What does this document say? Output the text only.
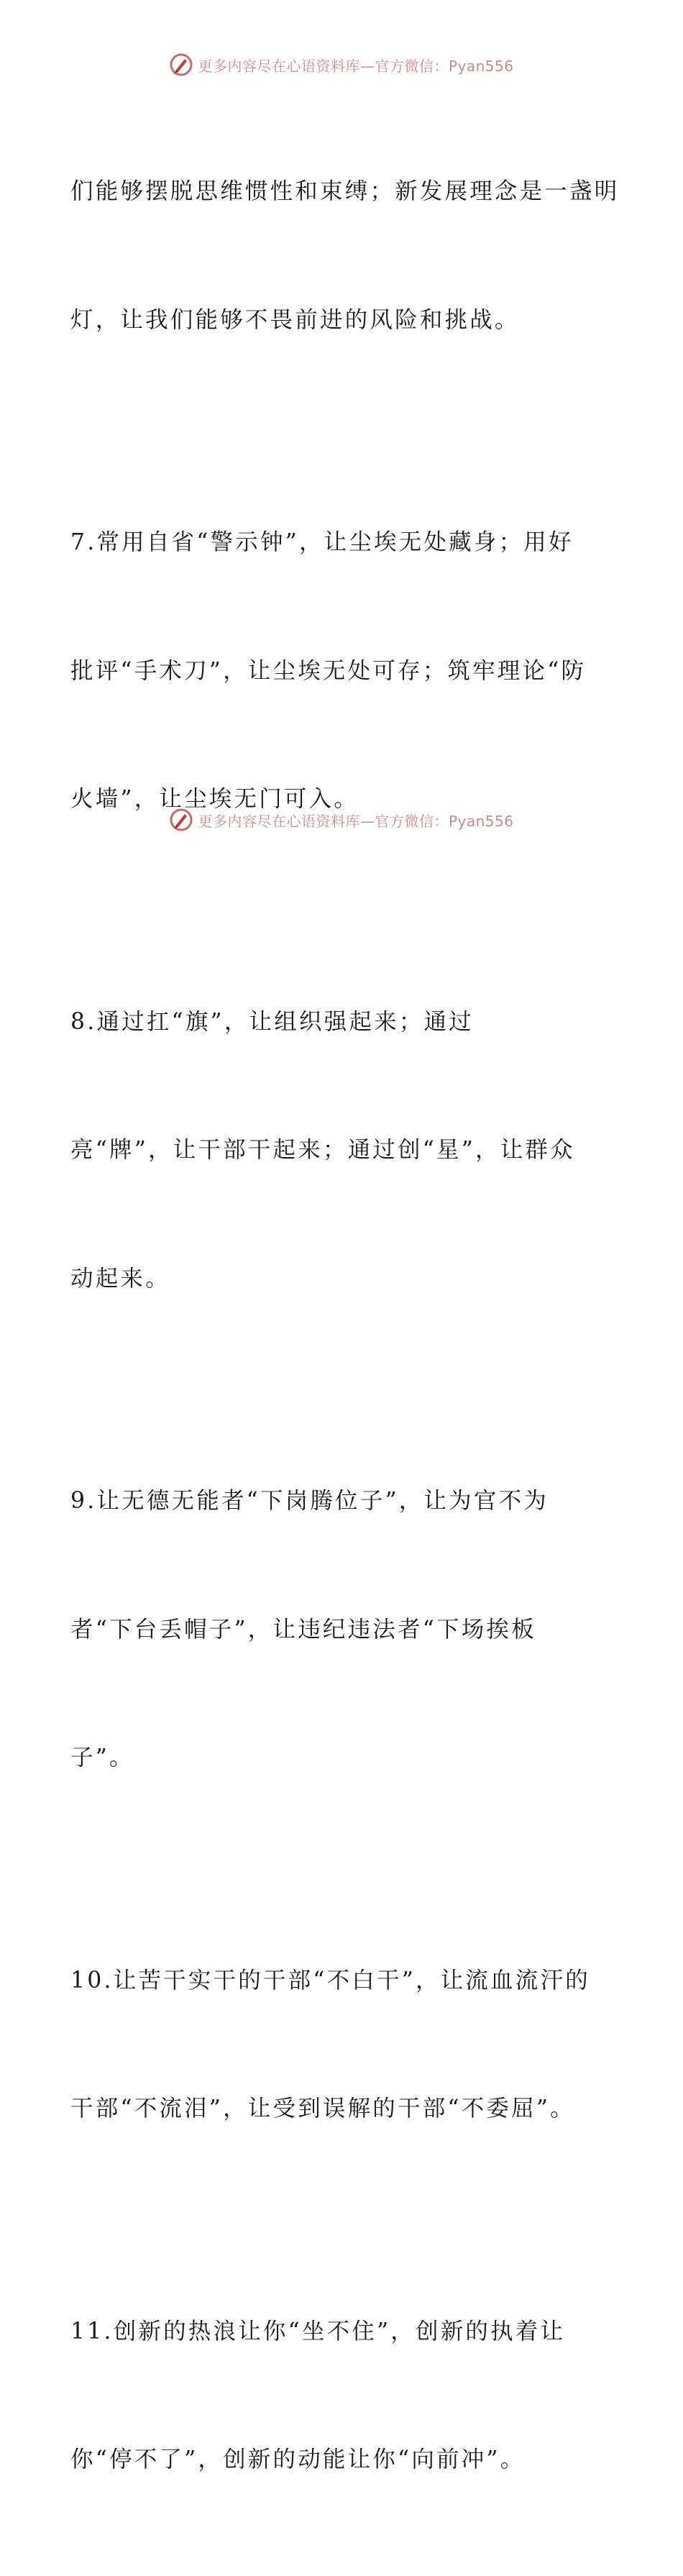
更多内容尽在心语资料库—官方微信：Pyan556

们能够摆脱思维惯性和束缚；新发展理念是一盏明

灯，让我们能够不畏前进的风险和挑战。

7.常用自省“警示钟”，让尘埃无处藏身；用好

批评“手术刀”，让尘埃无处可存；筑牢理论“防

火墙”，让尘埃无门可入。

8.通过扛“旗”，让组织强起来；通过

亮“牌”，让干部干起来；通过创“星”，让群众

动起来。

9.让无德无能者“下岗腾位子”，让为官不为

者“下台丢帽子”，让违纪违法者“下场挨板

子”。

10.让苦干实干的干部“不白干”，让流血流汗的

干部“不流泪”，让受到误解的干部“不委屈”。

11.创新的热浪让你“坐不住”，创新的执着让

你“停不了”，创新的动能让你“向前冲”。

更多内容尽在心语资料库—官方微信：Pyan556
